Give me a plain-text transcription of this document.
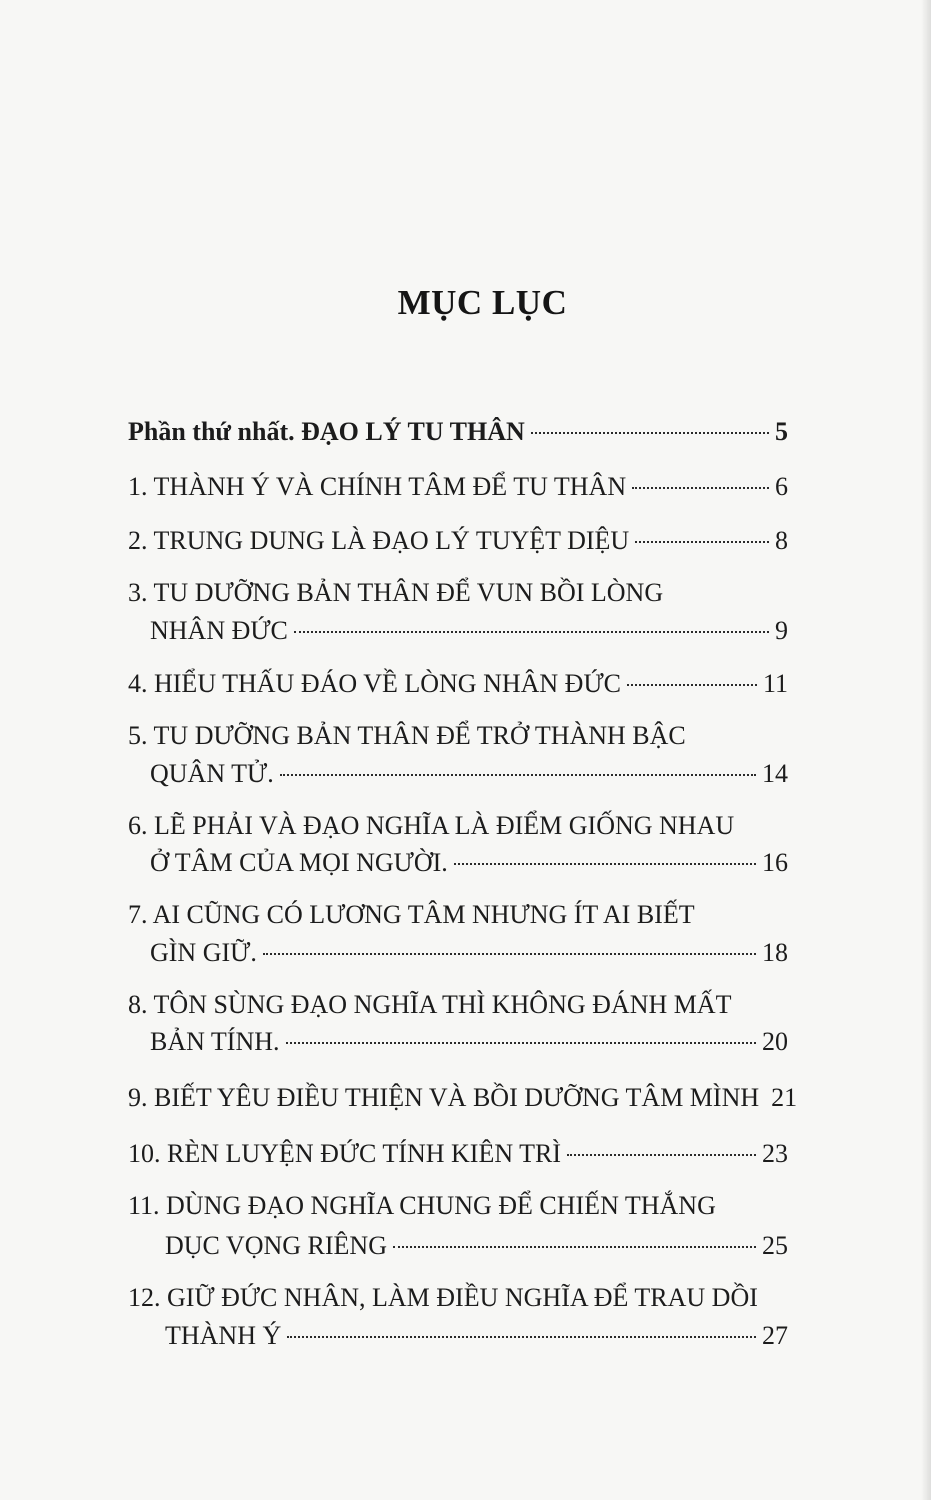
MỤC LỤC
Phần thứ nhất. ĐẠO LÝ TU THÂN	5
1. THÀNH Ý VÀ CHÍNH TÂM ĐỂ TU THÂN	6
2. TRUNG DUNG LÀ ĐẠO LÝ TUYỆT DIỆU	8
3. TU DƯỠNG BẢN THÂN ĐỂ VUN BỒI LÒNG
NHÂN ĐỨC	9
4. HIỂU THẤU ĐÁO VỀ LÒNG NHÂN ĐỨC	11
5. TU DƯỠNG BẢN THÂN ĐỂ TRỞ THÀNH BẬC
QUÂN TỬ.	14
6. LẼ PHẢI VÀ ĐẠO NGHĨA LÀ ĐIỂM GIỐNG NHAU
Ở TÂM CỦA MỌI NGƯỜI.	16
7. AI CŨNG CÓ LƯƠNG TÂM NHƯNG ÍT AI BIẾT
GÌN GIỮ.	18
8. TÔN SÙNG ĐẠO NGHĨA THÌ KHÔNG ĐÁNH MẤT
BẢN TÍNH.	20
9. BIẾT YÊU ĐIỀU THIỆN VÀ BỒI DƯỠNG TÂM MÌNH 21
10. RÈN LUYỆN ĐỨC TÍNH KIÊN TRÌ	23
11. DÙNG ĐẠO NGHĨA CHUNG ĐỂ CHIẾN THẮNG
DỤC VỌNG RIÊNG	25
12. GIỮ ĐỨC NHÂN, LÀM ĐIỀU NGHĨA ĐỂ TRAU DỒI
THÀNH Ý	27
